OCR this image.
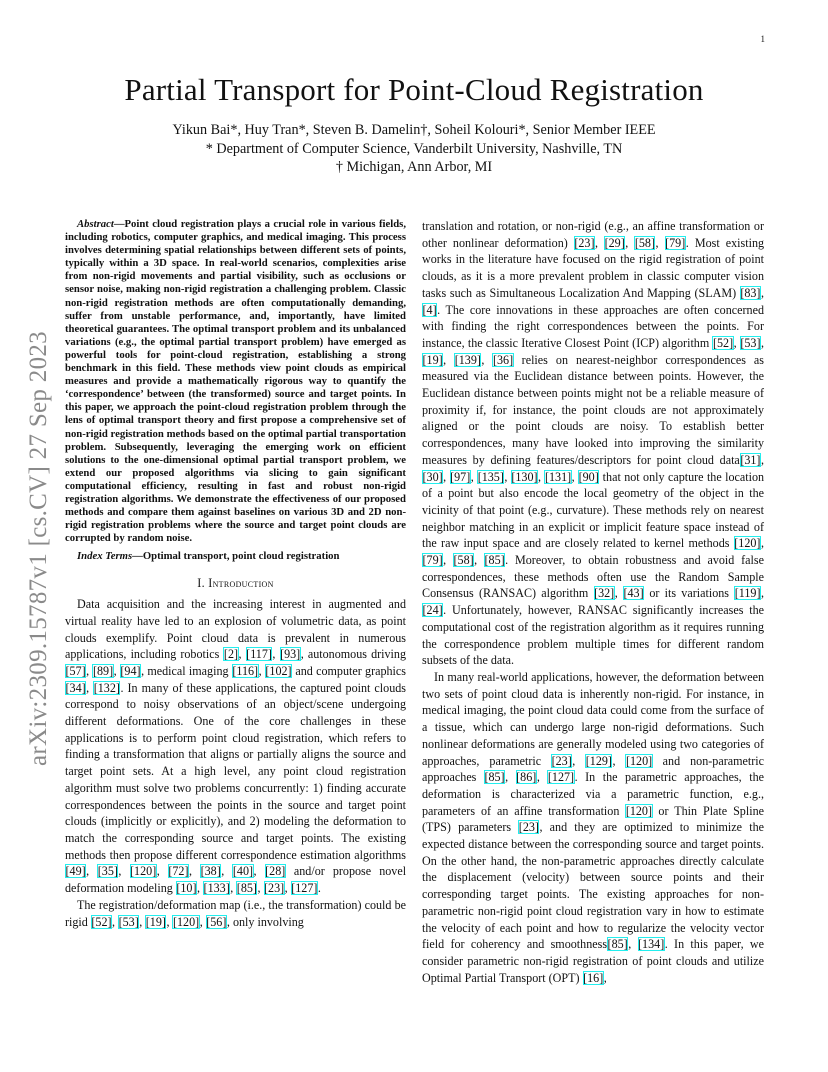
1
arXiv:2309.15787v1 [cs.CV] 27 Sep 2023
Partial Transport for Point-Cloud Registration
Yikun Bai*, Huy Tran*, Steven B. Damelin†, Soheil Kolouri*, Senior Member IEEE
* Department of Computer Science, Vanderbilt University, Nashville, TN
† Michigan, Ann Arbor, MI

Abstract—Point cloud registration plays a crucial role in various fields, including robotics, computer graphics, and medical imaging. This process involves determining spatial relationships between different sets of points, typically within a 3D space. In real-world scenarios, complexities arise from non-rigid movements and partial visibility, such as occlusions or sensor noise, making non-rigid registration a challenging problem. Classic non-rigid registration methods are often computationally demanding, suffer from unstable performance, and, importantly, have limited theoretical guarantees. The optimal transport problem and its unbalanced variations (e.g., the optimal partial transport problem) have emerged as powerful tools for point-cloud registration, establishing a strong benchmark in this field. These methods view point clouds as empirical measures and provide a mathematically rigorous way to quantify the ‘correspondence’ between (the transformed) source and target points. In this paper, we approach the point-cloud registration problem through the lens of optimal transport theory and first propose a comprehensive set of non-rigid registration methods based on the optimal partial transportation problem. Subsequently, leveraging the emerging work on efficient solutions to the one-dimensional optimal partial transport problem, we extend our proposed algorithms via slicing to gain significant computational efficiency, resulting in fast and robust non-rigid registration algorithms. We demonstrate the effectiveness of our proposed methods and compare them against baselines on various 3D and 2D non-rigid registration problems where the source and target point clouds are corrupted by random noise.

Index Terms—Optimal transport, point cloud registration

I. Introduction

Data acquisition and the increasing interest in augmented and virtual reality have led to an explosion of volumetric data, as point clouds exemplify. Point cloud data is prevalent in numerous applications, including robotics [2], [117], [93], autonomous driving [57], [89], [94], medical imaging [116], [102] and computer graphics [34], [132]. In many of these applications, the captured point clouds correspond to noisy observations of an object/scene undergoing different deformations. One of the core challenges in these applications is to perform point cloud registration, which refers to finding a transformation that aligns or partially aligns the source and target point sets. At a high level, any point cloud registration algorithm must solve two problems concurrently: 1) finding accurate correspondences between the points in the source and target point clouds (implicitly or explicitly), and 2) modeling the deformation to match the corresponding source and target points. The existing methods then propose different correspondence estimation algorithms [49], [35], [120], [72], [38], [40], [28] and/or propose novel deformation modeling [10], [133], [85], [23], [127].

The registration/deformation map (i.e., the transformation) could be rigid [52], [53], [19], [120], [56], only involving

translation and rotation, or non-rigid (e.g., an affine transformation or other nonlinear deformation) [23], [29], [58], [79]. Most existing works in the literature have focused on the rigid registration of point clouds, as it is a more prevalent problem in classic computer vision tasks such as Simultaneous Localization And Mapping (SLAM) [83], [4]. The core innovations in these approaches are often concerned with finding the right correspondences between the points. For instance, the classic Iterative Closest Point (ICP) algorithm [52], [53], [19], [139], [36] relies on nearest-neighbor correspondences as measured via the Euclidean distance between points. However, the Euclidean distance between points might not be a reliable measure of proximity if, for instance, the point clouds are not approximately aligned or the point clouds are noisy. To establish better correspondences, many have looked into improving the similarity measures by defining features/descriptors for point cloud data[31], [30], [97], [135], [130], [131], [90] that not only capture the location of a point but also encode the local geometry of the object in the vicinity of that point (e.g., curvature). These methods rely on nearest neighbor matching in an explicit or implicit feature space instead of the raw input space and are closely related to kernel methods [120], [79], [58], [85]. Moreover, to obtain robustness and avoid false correspondences, these methods often use the Random Sample Consensus (RANSAC) algorithm [32], [43] or its variations [119], [24]. Unfortunately, however, RANSAC significantly increases the computational cost of the registration algorithm as it requires running the correspondence problem multiple times for different random subsets of the data.

In many real-world applications, however, the deformation between two sets of point cloud data is inherently non-rigid. For instance, in medical imaging, the point cloud data could come from the surface of a tissue, which can undergo large non-rigid deformations. Such nonlinear deformations are generally modeled using two categories of approaches, parametric [23], [129], [120] and non-parametric approaches [85], [86], [127]. In the parametric approaches, the deformation is characterized via a parametric function, e.g., parameters of an affine transformation [120] or Thin Plate Spline (TPS) parameters [23], and they are optimized to minimize the expected distance between the corresponding source and target points. On the other hand, the non-parametric approaches directly calculate the displacement (velocity) between source points and their corresponding target points. The existing approaches for non-parametric non-rigid point cloud registration vary in how to estimate the velocity of each point and how to regularize the velocity vector field for coherency and smoothness[85], [134]. In this paper, we consider parametric non-rigid registration of point clouds and utilize Optimal Partial Transport (OPT) [16],
